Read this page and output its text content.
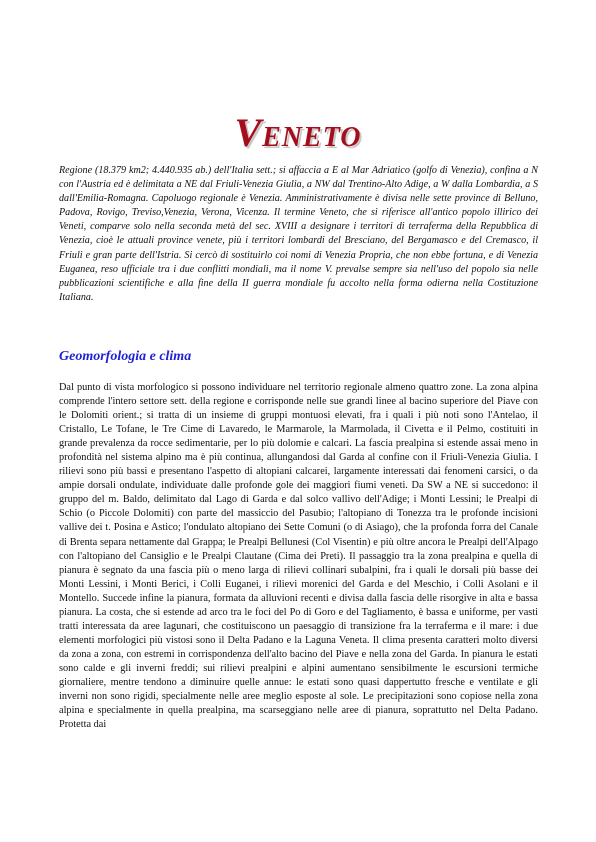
Veneto

Regione (18.379 km2; 4.440.935 ab.) dell'Italia sett.; si affaccia a E al Mar Adriatico (golfo di Venezia), confina a N con l'Austria ed è delimitata a NE dal Friuli-Venezia Giulia, a NW dal Trentino-Alto Adige, a W dalla Lombardia, a S dall'Emilia-Romagna. Capoluogo regionale è Venezia. Amministrativamente è divisa nelle sette province di Belluno, Padova, Rovigo, Treviso,Venezia, Verona, Vicenza. Il termine Veneto, che si riferisce all'antico popolo illirico dei Veneti, comparve solo nella seconda metà del sec. XVIII a designare i territori di terraferma della Repubblica di Venezia, cioè le attuali province venete, più i territori lombardi del Bresciano, del Bergamasco e del Cremasco, il Friuli e gran parte dell'Istria. Si cercò di sostituirlo coi nomi di Venezia Propria, che non ebbe fortuna, e di Venezia Euganea, reso ufficiale tra i due conflitti mondiali, ma il nome V. prevalse sempre sia nell'uso del popolo sia nelle pubblicazioni scientifiche e alla fine della II guerra mondiale fu accolto nella forma odierna nella Costituzione Italiana.

Geomorfologia e clima

Dal punto di vista morfologico si possono individuare nel territorio regionale almeno quattro zone. La zona alpina comprende l'intero settore sett. della regione e corrisponde nelle sue grandi linee al bacino superiore del Piave con le Dolomiti orient.; si tratta di un insieme di gruppi montuosi elevati, fra i quali i più noti sono l'Antelao, il Cristallo, Le Tofane, le Tre Cime di Lavaredo, le Marmarole, la Marmolada, il Civetta e il Pelmo, costituiti in grande prevalenza da rocce sedimentarie, per lo più dolomie e calcari. La fascia prealpina si estende assai meno in profondità nel sistema alpino ma è più continua, allungandosi dal Garda al confine con il Friuli-Venezia Giulia. I rilievi sono più bassi e presentano l'aspetto di altopiani calcarei, largamente interessati dai fenomeni carsici, o da ampie dorsali ondulate, individuate dalle profonde gole dei maggiori fiumi veneti. Da SW a NE si succedono: il gruppo del m. Baldo, delimitato dal Lago di Garda e dal solco vallivo dell'Adige; i Monti Lessini; le Prealpi di Schio (o Piccole Dolomiti) con parte del massiccio del Pasubio; l'altopiano di Tonezza tra le profonde incisioni vallive dei t. Posina e Astico; l'ondulato altopiano dei Sette Comuni (o di Asiago), che la profonda forra del Canale di Brenta separa nettamente dal Grappa; le Prealpi Bellunesi (Col Visentin) e più oltre ancora le Prealpi dell'Alpago con l'altopiano del Cansiglio e le Prealpi Clautane (Cima dei Preti). Il passaggio tra la zona prealpina e quella di pianura è segnato da una fascia più o meno larga di rilievi collinari subalpini, fra i quali le dorsali più basse dei Monti Lessini, i Monti Berici, i Colli Euganei, i rilievi morenici del Garda e del Meschio, i Colli Asolani e il Montello. Succede infine la pianura, formata da alluvioni recenti e divisa dalla fascia delle risorgive in alta e bassa pianura. La costa, che si estende ad arco tra le foci del Po di Goro e del Tagliamento, è bassa e uniforme, per vasti tratti interessata da aree lagunari, che costituiscono un paesaggio di transizione fra la terraferma e il mare: i due elementi morfologici più vistosi sono il Delta Padano e la Laguna Veneta. Il clima presenta caratteri molto diversi da zona a zona, con estremi in corrispondenza dell'alto bacino del Piave e nella zona del Garda. In pianura le estati sono calde e gli inverni freddi; sui rilievi prealpini e alpini aumentano sensibilmente le escursioni termiche giornaliere, mentre tendono a diminuire quelle annue: le estati sono quasi dappertutto fresche e ventilate e gli inverni non sono rigidi, specialmente nelle aree meglio esposte al sole. Le precipitazioni sono copiose nella zona alpina e specialmente in quella prealpina, ma scarseggiano nelle aree di pianura, soprattutto nel Delta Padano. Protetta dai
